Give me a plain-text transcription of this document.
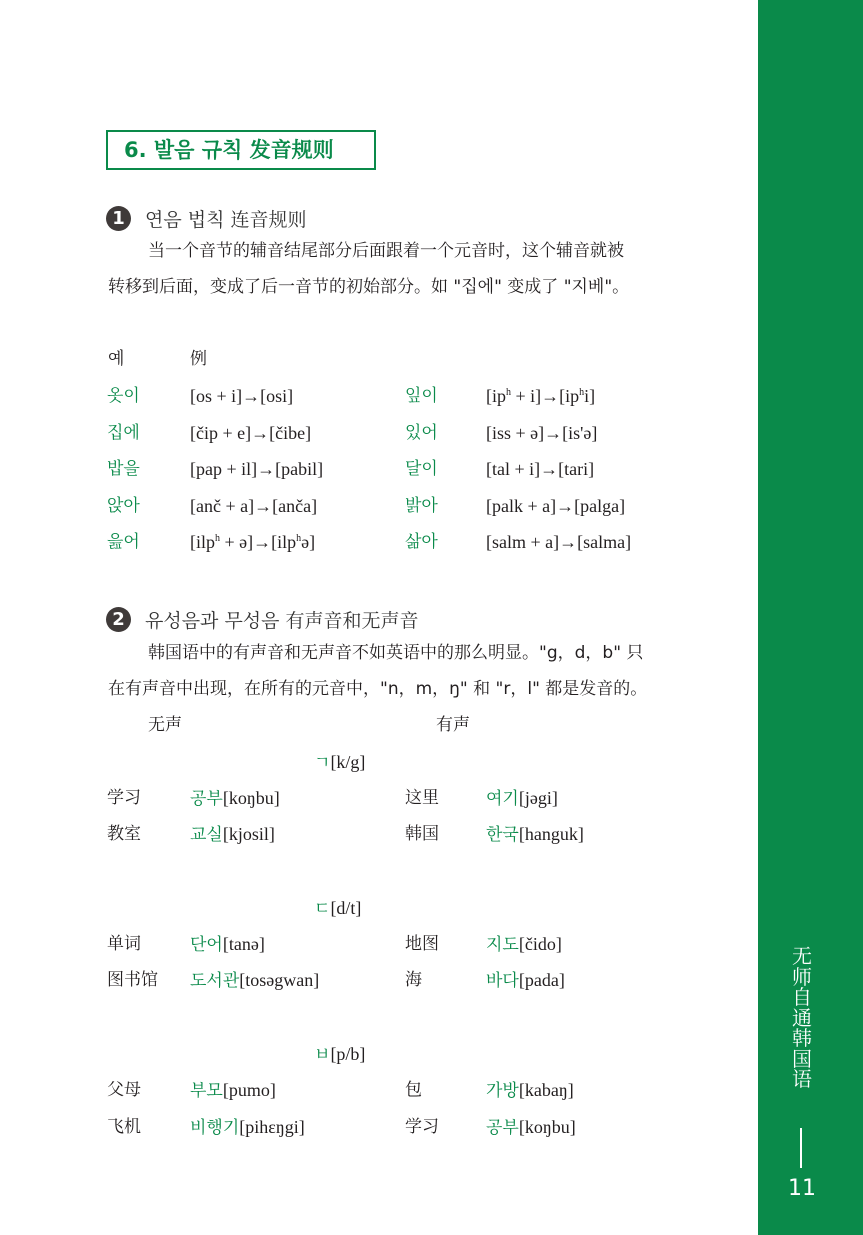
无
师
自
通
韩
国
语
11
6. 발음 규칙 发音规则
1	연음 법칙 连音规则
当一个音节的辅音结尾部分后面跟着一个元音时，这个辅音就被
转移到后面，变成了后一音节的初始部分。如 "집에" 变成了 "지베"。
예	例
옷이	[os + i]→[osi]	잎이	$[ip^h + i]\to[ip^hi]$
집에	[čip + e]→[čibe]	있어	[iss + ə]→[is'ə]
밥을	[pap + il]→[pabil]	달이	[tal + i]→[tari]
앉아	[anč + a]→[anča]	밝아	[palk + a]→[palga]
읊어	[ilp$^h$ + ə]→[ilp$^h$ə]	삶아	[salm + a]→[salma]
2	유성음과 무성음 有声音和无声音
韩国语中的有声音和无声音不如英语中的那么明显。"g，d，b" 只
在有声音中出现，在所有的元音中，"n，m，ŋ" 和 "r，l" 都是发音的。
无声	有声
ㄱ[k/g]
学习	공부[koŋbu]	这里	여기[jəgi]
教室	교실[kjosil]	韩国	한국[hanguk]
ㄷ[d/t]
单词	단어[tanə]	地图	지도[čido]
图书馆 도서관[tosəgwan]	海	바다[pada]
ㅂ[p/b]
父母	부모[pumo]	包	가방[kabaŋ]
飞机	비행기[pihɛŋgi]	学习	공부[koŋbu]
